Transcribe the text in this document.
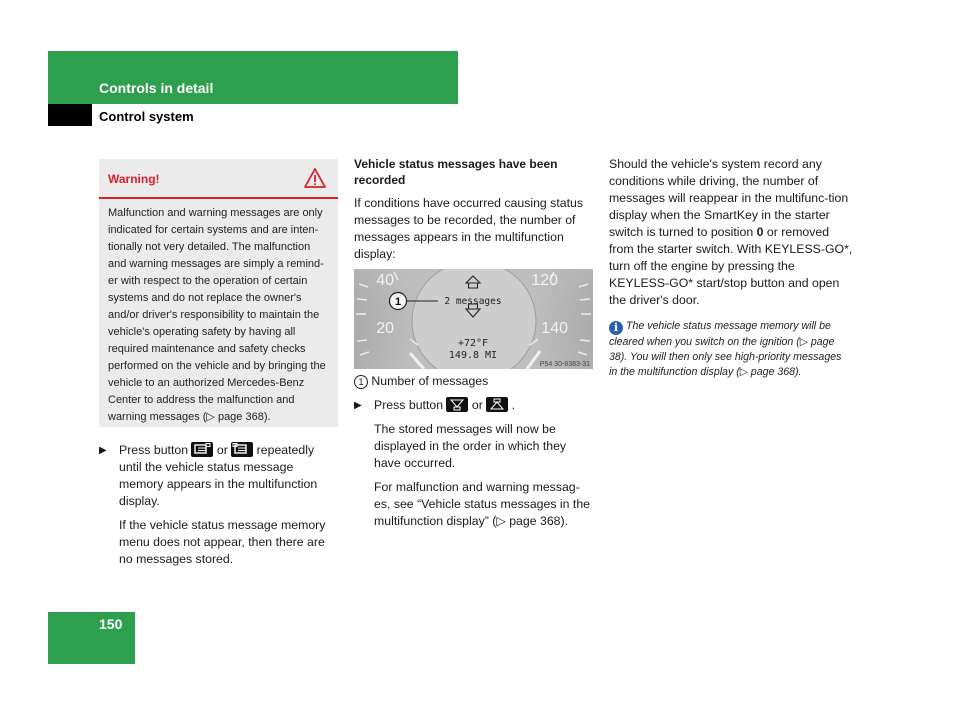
Controls in detail
Control system
Warning!
Malfunction and warning messages are only indicated for certain systems and are inten-tionally not very detailed. The malfunction and warning messages are simply a remind-er with respect to the operation of certain systems and do not replace the owner's and/or driver's responsibility to maintain the vehicle's operating safety by having all required maintenance and safety checks performed on the vehicle and by bringing the vehicle to an authorized Mercedes-Benz Center to address the malfunction and warning messages (▷ page 368).

▶ Press button or repeatedly until the vehicle status message memory appears in the multifunction display.

If the vehicle status message memory menu does not appear, then there are no messages stored.

Vehicle status messages have been recorded

If conditions have occurred causing status messages to be recorded, the number of messages appears in the multifunction display:

40
20
120
140
1	2 messages
+72°F
149.8 MI
P54 30-8383-31

1 Number of messages

▶ Press button or .

The stored messages will now be displayed in the order in which they have occurred.

For malfunction and warning messag-es, see “Vehicle status messages in the multifunction display” (▷ page 368).

Should the vehicle's system record any conditions while driving, the number of messages will reappear in the multifunc-tion display when the SmartKey in the starter switch is turned to position 0 or removed from the starter switch. With KEYLESS-GO*, turn off the engine by pressing the KEYLESS-GO* start/stop button and open the driver's door.

i The vehicle status message memory will be cleared when you switch on the ignition (▷ page 38). You will then only see high-priority messages in the multifunction display (▷ page 368).

150
